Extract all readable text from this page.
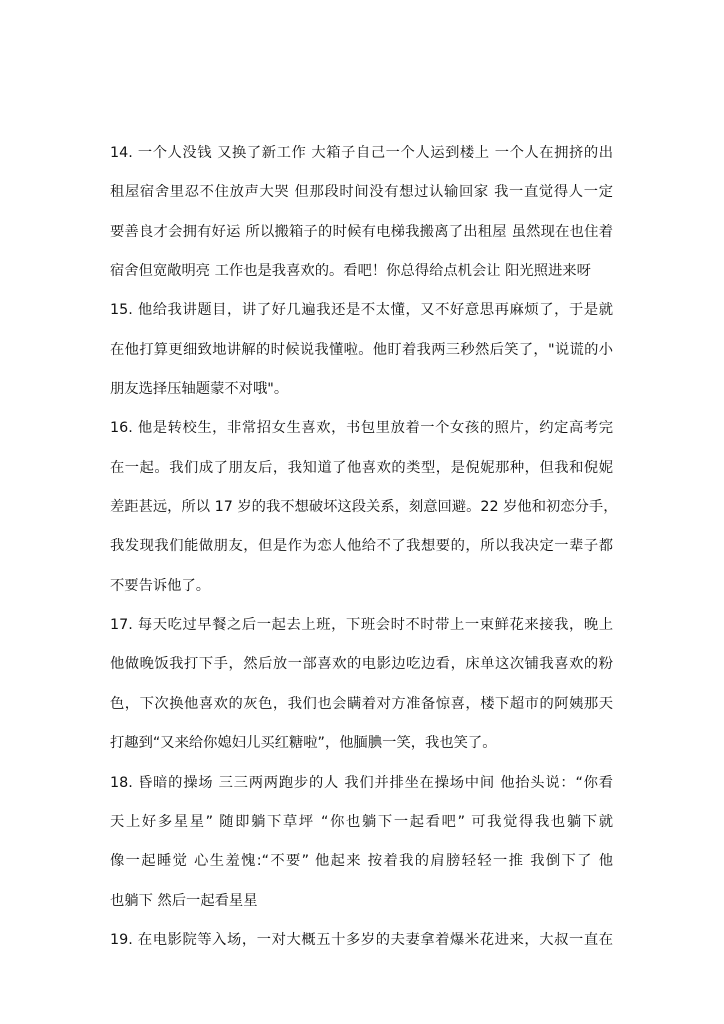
14. 一个人没钱 又换了新工作 大箱子自己一个人运到楼上 一个人在拥挤的出
租屋宿舍里忍不住放声大哭 但那段时间没有想过认输回家 我一直觉得人一定
要善良才会拥有好运 所以搬箱子的时候有电梯我搬离了出租屋 虽然现在也住着
宿舍但宽敞明亮 工作也是我喜欢的。看吧！你总得给点机会让 阳光照进来呀
15. 他给我讲题目，讲了好几遍我还是不太懂，又不好意思再麻烦了，于是就
在他打算更细致地讲解的时候说我懂啦。他盯着我两三秒然后笑了，"说谎的小
朋友选择压轴题蒙不对哦"。
16. 他是转校生，非常招女生喜欢，书包里放着一个女孩的照片，约定高考完
在一起。我们成了朋友后，我知道了他喜欢的类型，是倪妮那种，但我和倪妮
差距甚远，所以 17 岁的我不想破坏这段关系，刻意回避。22 岁他和初恋分手，
我发现我们能做朋友，但是作为恋人他给不了我想要的，所以我决定一辈子都
不要告诉他了。
17. 每天吃过早餐之后一起去上班，下班会时不时带上一束鲜花来接我，晚上
他做晚饭我打下手，然后放一部喜欢的电影边吃边看，床单这次铺我喜欢的粉
色，下次换他喜欢的灰色，我们也会瞒着对方准备惊喜，楼下超市的阿姨那天
打趣到“又来给你媳妇儿买红糖啦”，他腼腆一笑，我也笑了。
18. 昏暗的操场 三三两两跑步的人 我们并排坐在操场中间 他抬头说：“你看
天上好多星星” 随即躺下草坪 “你也躺下一起看吧” 可我觉得我也躺下就
像一起睡觉 心生羞愧:“不要” 他起来 按着我的肩膀轻轻一推 我倒下了 他
也躺下 然后一起看星星
19. 在电影院等入场，一对大概五十多岁的夫妻拿着爆米花进来，大叔一直在
